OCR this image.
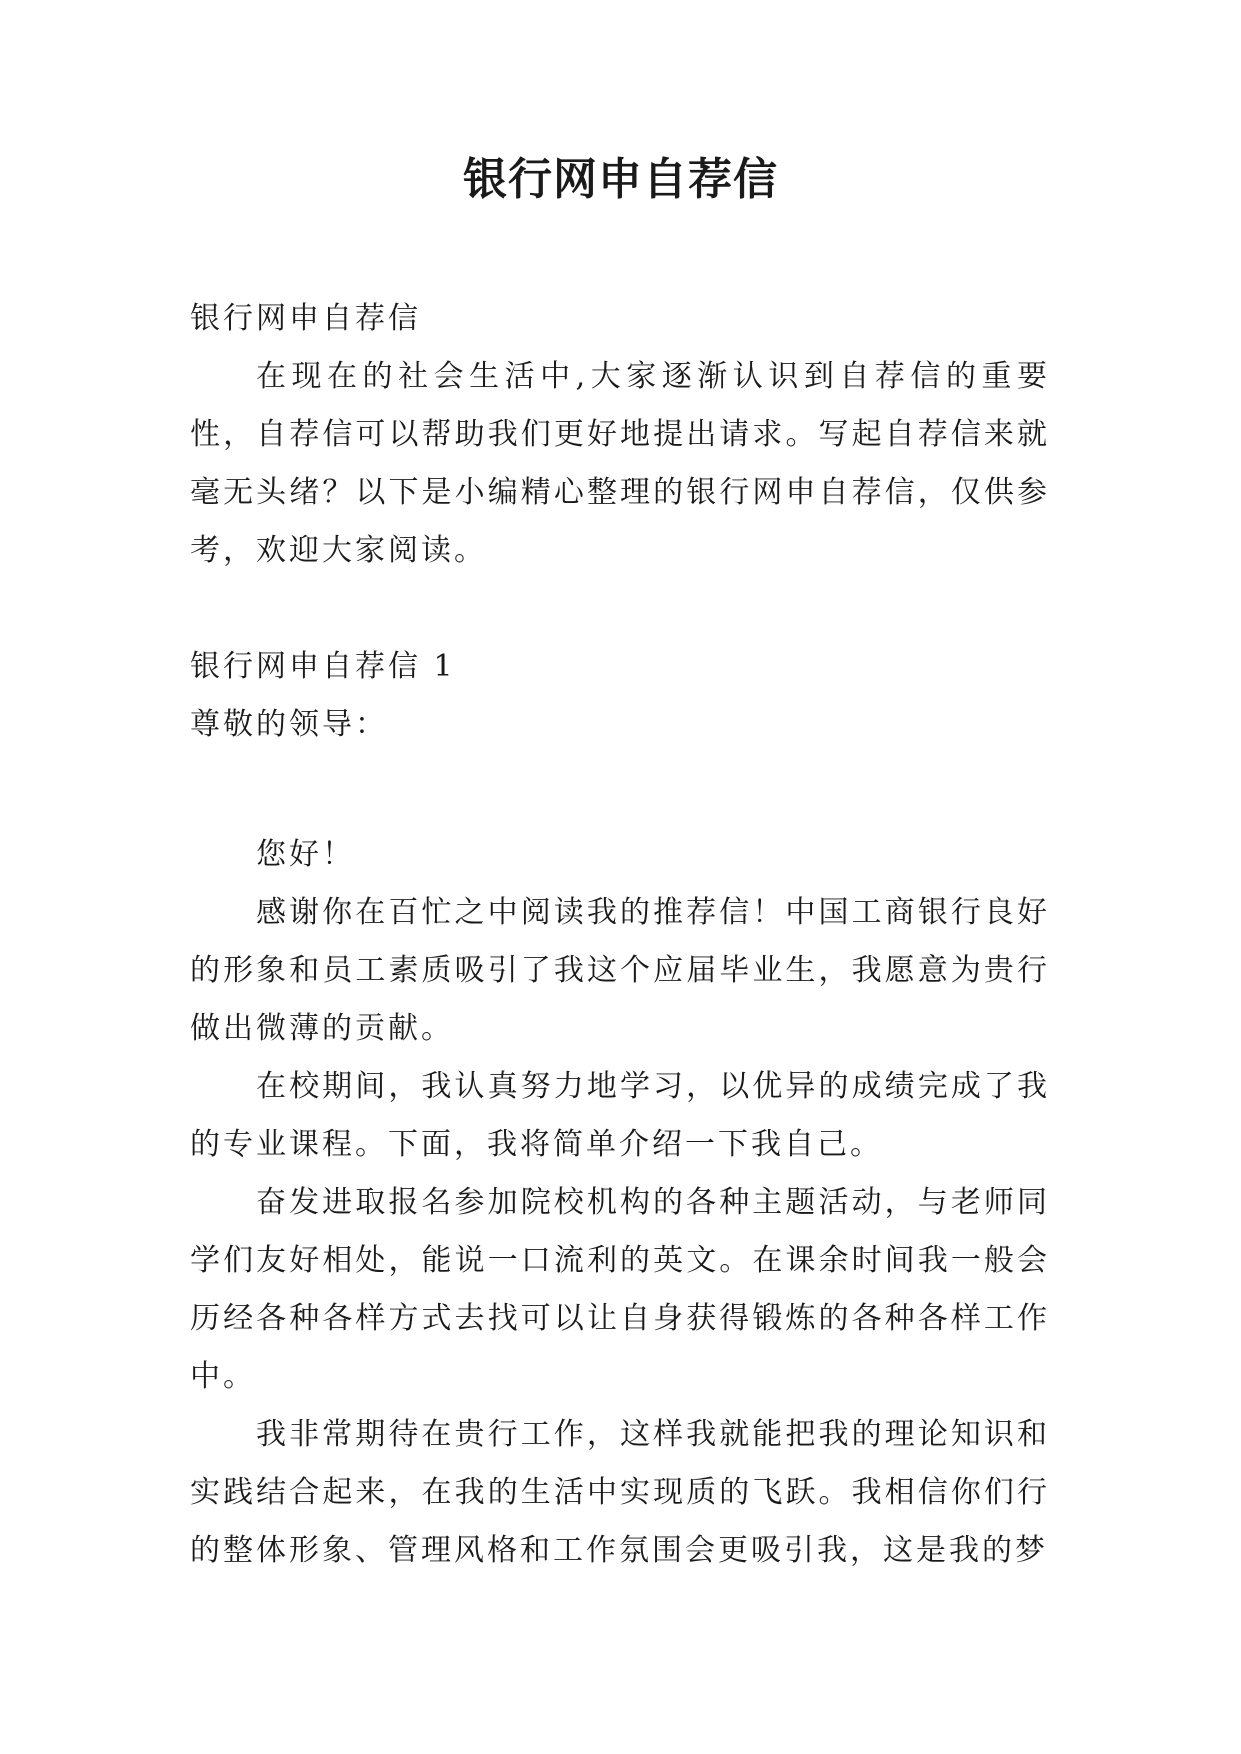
银行网申自荐信

银行网申自荐信

在现在的社会生活中,大家逐渐认识到自荐信的重要性，自荐信可以帮助我们更好地提出请求。写起自荐信来就毫无头绪？以下是小编精心整理的银行网申自荐信，仅供参考，欢迎大家阅读。

银行网申自荐信 1

尊敬的领导：

您好！

感谢你在百忙之中阅读我的推荐信！中国工商银行良好的形象和员工素质吸引了我这个应届毕业生，我愿意为贵行做出微薄的贡献。

在校期间，我认真努力地学习，以优异的成绩完成了我的专业课程。下面，我将简单介绍一下我自己。

奋发进取报名参加院校机构的各种主题活动，与老师同学们友好相处，能说一口流利的英文。在课余时间我一般会历经各种各样方式去找可以让自身获得锻炼的各种各样工作中。

我非常期待在贵行工作，这样我就能把我的理论知识和实践结合起来，在我的生活中实现质的飞跃。我相信你们行的整体形象、管理风格和工作氛围会更吸引我，这是我的梦
